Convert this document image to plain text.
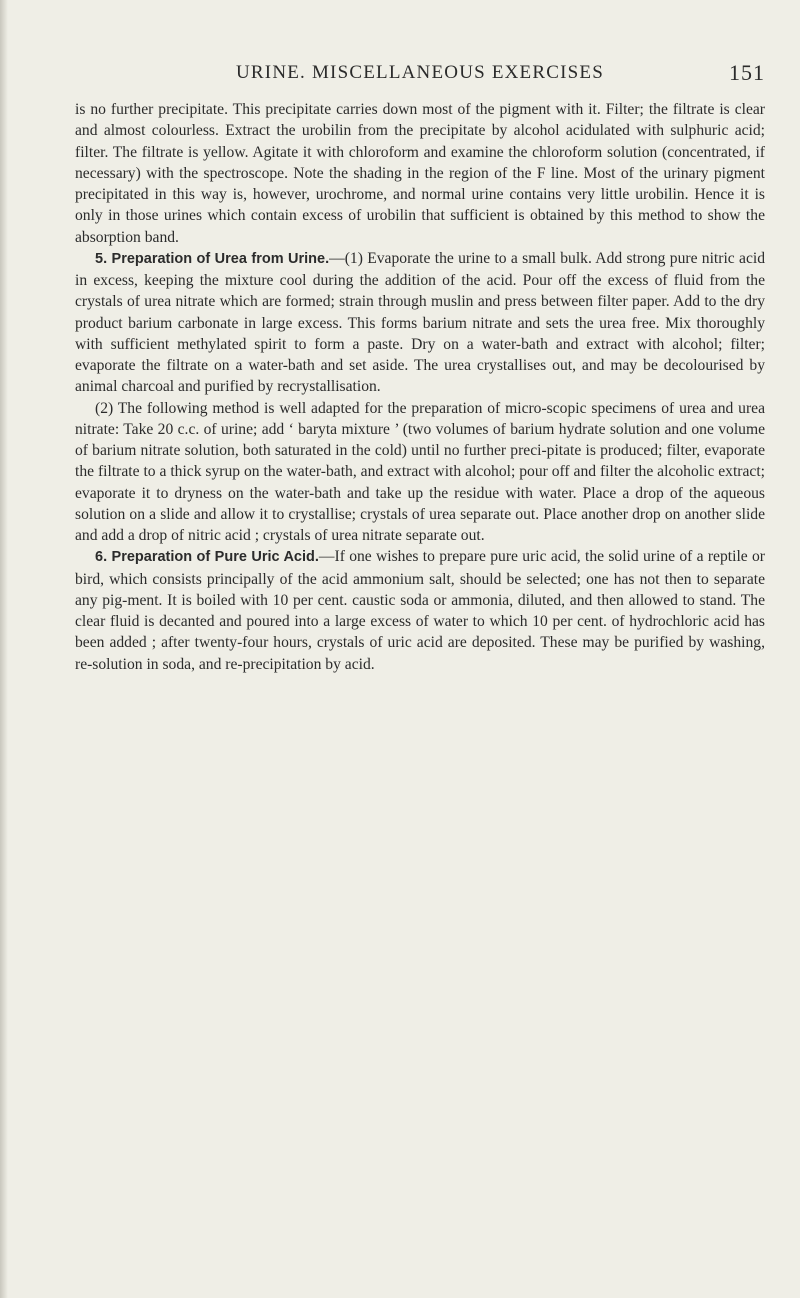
URINE. MISCELLANEOUS EXERCISES	151

is no further precipitate. This precipitate carries down most of the pigment with it. Filter; the filtrate is clear and almost colourless. Extract the urobilin from the precipitate by alcohol acidulated with sulphuric acid; filter. The filtrate is yellow. Agitate it with chloroform and examine the chloroform solution (concentrated, if necessary) with the spectroscope. Note the shading in the region of the F line. Most of the urinary pigment precipitated in this way is, however, urochrome, and normal urine contains very little urobilin. Hence it is only in those urines which contain excess of urobilin that sufficient is obtained by this method to show the absorption band.

5. Preparation of Urea from Urine.—(1) Evaporate the urine to a small bulk. Add strong pure nitric acid in excess, keeping the mixture cool during the addition of the acid. Pour off the excess of fluid from the crystals of urea nitrate which are formed; strain through muslin and press between filter paper. Add to the dry product barium carbonate in large excess. This forms barium nitrate and sets the urea free. Mix thoroughly with sufficient methylated spirit to form a paste. Dry on a water-bath and extract with alcohol; filter; evaporate the filtrate on a water-bath and set aside. The urea crystallises out, and may be decolourised by animal charcoal and purified by recrystallisation.

(2) The following method is well adapted for the preparation of micro-scopic specimens of urea and urea nitrate: Take 20 c.c. of urine; add ‘ baryta mixture ’ (two volumes of barium hydrate solution and one volume of barium nitrate solution, both saturated in the cold) until no further preci-pitate is produced; filter, evaporate the filtrate to a thick syrup on the water-bath, and extract with alcohol; pour off and filter the alcoholic extract; evaporate it to dryness on the water-bath and take up the residue with water. Place a drop of the aqueous solution on a slide and allow it to crystallise; crystals of urea separate out. Place another drop on another slide and add a drop of nitric acid ; crystals of urea nitrate separate out.

6. Preparation of Pure Uric Acid.—If one wishes to prepare pure uric acid, the solid urine of a reptile or bird, which consists principally of the acid ammonium salt, should be selected; one has not then to separate any pig-ment. It is boiled with 10 per cent. caustic soda or ammonia, diluted, and then allowed to stand. The clear fluid is decanted and poured into a large excess of water to which 10 per cent. of hydrochloric acid has been added ; after twenty-four hours, crystals of uric acid are deposited. These may be purified by washing, re-solution in soda, and re-precipitation by acid.
